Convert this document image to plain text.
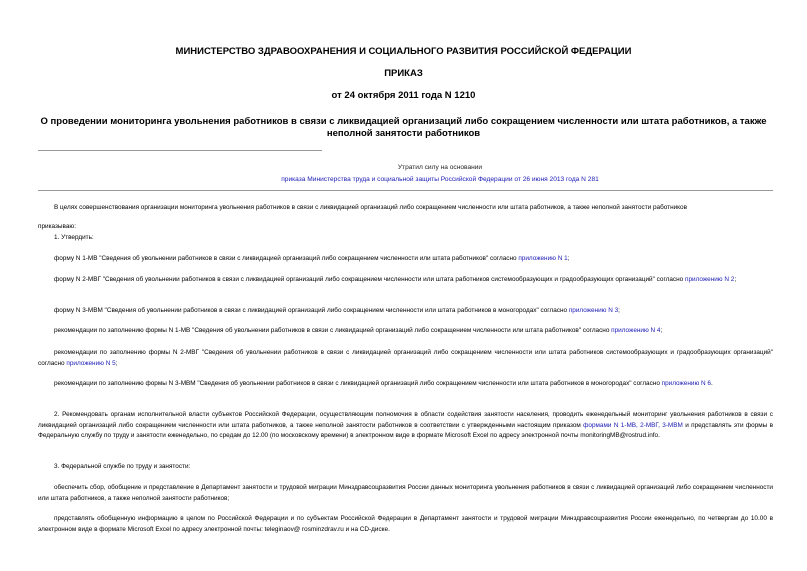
МИНИСТЕРСТВО ЗДРАВООХРАНЕНИЯ И СОЦИАЛЬНОГО РАЗВИТИЯ РОССИЙСКОЙ ФЕДЕРАЦИИ
ПРИКАЗ
от 24 октября 2011 года N 1210
О проведении мониторинга увольнения работников в связи с ликвидацией организаций либо сокращением численности или штата работников, а также неполной занятости работников
Утратил силу на основании
приказа Министерства труда и социальной защиты Российской Федерации от 26 июня 2013 года N 281
В целях совершенствования организации мониторинга увольнения работников в связи с ликвидацией организаций либо сокращением численности или штата работников, а также неполной занятости работников
приказываю:
1. Утвердить:
форму N 1-МВ "Сведения об увольнении работников в связи с ликвидацией организаций либо сокращением численности или штата работников" согласно приложению N 1;
форму N 2-МВГ "Сведения об увольнении работников в связи с ликвидацией организаций либо сокращением численности или штата работников системообразующих и градообразующих организаций" согласно приложению N 2;
форму N 3-МВМ "Сведения об увольнении работников в связи с ликвидацией организаций либо сокращением численности или штата работников в моногородах" согласно приложению N 3;
рекомендации по заполнению формы N 1-МВ "Сведения об увольнении работников в связи с ликвидацией организаций либо сокращением численности или штата работников" согласно приложению N 4;
рекомендации по заполнению формы N 2-МВГ "Сведения об увольнении работников в связи с ликвидацией организаций либо сокращением численности или штата работников системообразующих и градообразующих организаций" согласно приложению N 5;
рекомендации по заполнению формы N 3-МВМ "Сведения об увольнении работников в связи с ликвидацией организаций либо сокращением численности или штата работников в моногородах" согласно приложению N 6.
2. Рекомендовать органам исполнительной власти субъектов Российской Федерации, осуществляющим полномочия в области содействия занятости населения, проводить еженедельный мониторинг увольнения работников в связи с ликвидацией организаций либо сокращением численности или штата работников, а также неполной занятости работников в соответствии с утвержденными настоящим приказом формами N 1-МВ, 2-МВГ, 3-МВМ и представлять эти формы в Федеральную службу по труду и занятости еженедельно, по средам до 12.00 (по московскому времени) в электронном виде в формате Microsoft Excel по адресу электронной почты monitoringMB@rostrud.info.
3. Федеральной службе по труду и занятости:
обеспечить сбор, обобщение и представление в Департамент занятости и трудовой миграции Минздравсоцразвития России данных мониторинга увольнения работников в связи с ликвидацией организаций либо сокращением численности или штата работников, а также неполной занятости работников;
представлять обобщенную информацию в целом по Российской Федерации и по субъектам Российской Федерации в Департамент занятости и трудовой миграции Минздравсоцразвития России еженедельно, по четвергам до 10.00 в электронном виде в формате Microsoft Excel по адресу электронной почты: teleginaov@ rosminzdrav.ru и на CD-диске.
